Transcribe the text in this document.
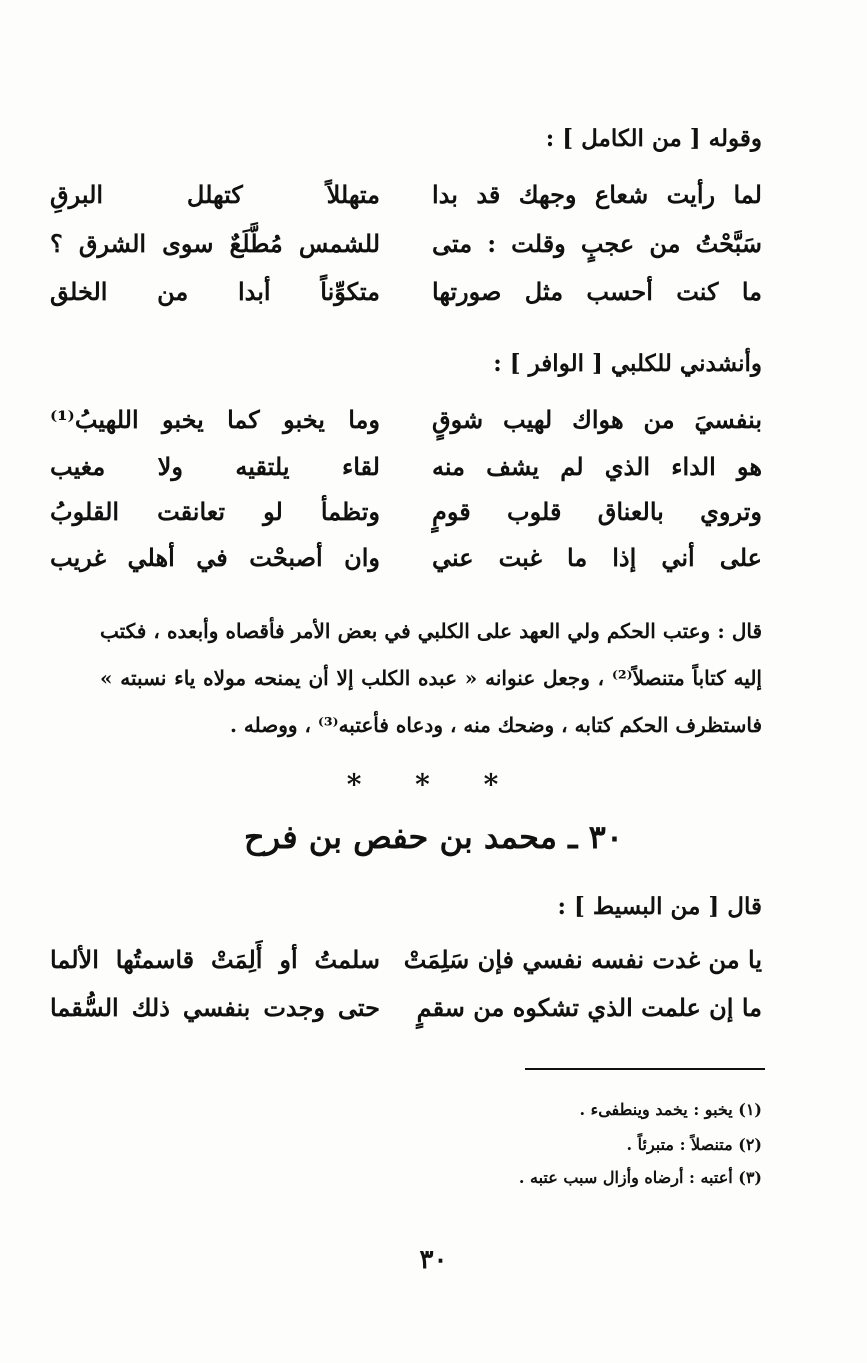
وقوله [ من الكامل ] :
لما رأيت شعاع وجهك قد بدا
متهللاً كتهلل البرقِ
سَبَّحْتُ من عجبٍ وقلت : متى
للشمس مُطَّلَعٌ سوى الشرق ؟
ما كنت أحسب مثل صورتها
متكوِّناً أبدا من الخلق
وأنشدني للكلبي [ الوافر ] :
بنفسيَ من هواك لهيب شوقٍ
وما يخبو كما يخبو اللهيبُ⁽¹⁾
هو الداء الذي لم يشف منه
لقاء يلتقيه ولا مغيب
وتروي بالعناق قلوب قومٍ
وتظمأ لو تعانقت القلوبُ
على أني إذا ما غبت عني
وان أصبحْت في أهلي غريب
قال : وعتب الحكم ولي العهد على الكلبي في بعض الأمر فأقصاه وأبعده ، فكتب إليه كتاباً متنصلاً⁽²⁾ ، وجعل عنوانه « عبده الكلب إلا أن يمنحه مولاه ياء نسبته » فاستظرف الحكم كتابه ، وضحك منه ، ودعاه فأعتبه⁽³⁾ ، ووصله .
* * *
٣٠ ـ محمد بن حفص بن فرح
قال [ من البسيط ] :
يا من غدت نفسه نفسي فإن سَلِمَتْ
سلمتُ أو أَلِمَتْ قاسمتُها الألما
ما إن علمت الذي تشكوه من سقمٍ
حتى وجدت بنفسي ذلك السُّقما
(١) يخبو : يخمد وينطفىء .
(٢) متنصلاً : متبرئاً .
(٣) أعتبه : أرضاه وأزال سبب عتبه .
٣٠
